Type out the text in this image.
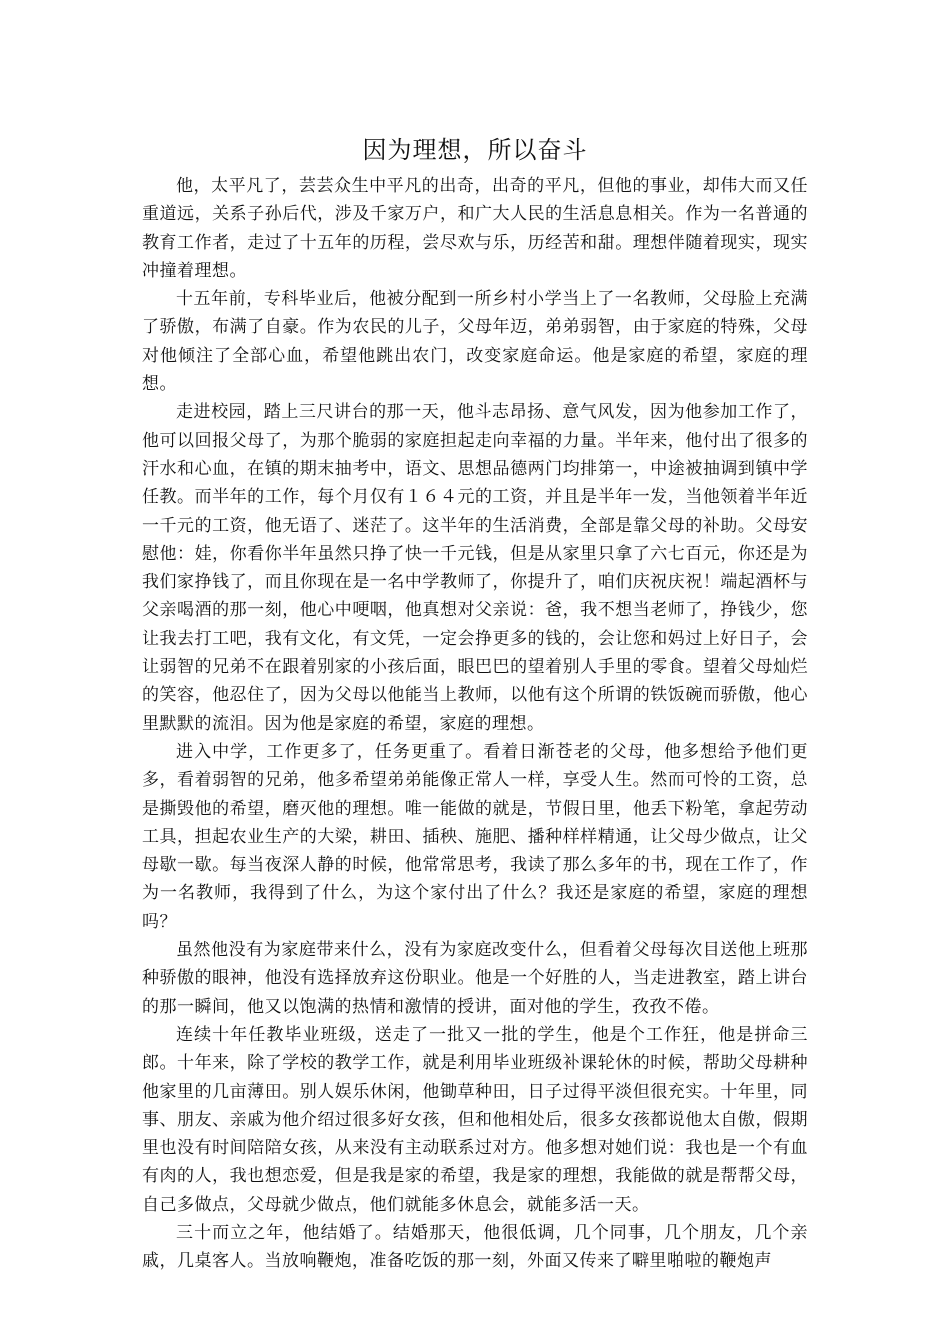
因为理想，所以奋斗

他，太平凡了，芸芸众生中平凡的出奇，出奇的平凡，但他的事业，却伟大而又任重道远，关系子孙后代，涉及千家万户，和广大人民的生活息息相关。作为一名普通的教育工作者，走过了十五年的历程，尝尽欢与乐，历经苦和甜。理想伴随着现实，现实冲撞着理想。

十五年前，专科毕业后，他被分配到一所乡村小学当上了一名教师，父母脸上充满了骄傲，布满了自豪。作为农民的儿子，父母年迈，弟弟弱智，由于家庭的特殊，父母对他倾注了全部心血，希望他跳出农门，改变家庭命运。他是家庭的希望，家庭的理想。

走进校园，踏上三尺讲台的那一天，他斗志昂扬、意气风发，因为他参加工作了，他可以回报父母了，为那个脆弱的家庭担起走向幸福的力量。半年来，他付出了很多的汗水和心血，在镇的期末抽考中，语文、思想品德两门均排第一，中途被抽调到镇中学任教。而半年的工作，每个月仅有１６４元的工资，并且是半年一发，当他领着半年近一千元的工资，他无语了、迷茫了。这半年的生活消费，全部是靠父母的补助。父母安慰他：娃，你看你半年虽然只挣了快一千元钱，但是从家里只拿了六七百元，你还是为我们家挣钱了，而且你现在是一名中学教师了，你提升了，咱们庆祝庆祝！端起酒杯与父亲喝酒的那一刻，他心中哽咽，他真想对父亲说：爸，我不想当老师了，挣钱少，您让我去打工吧，我有文化，有文凭，一定会挣更多的钱的，会让您和妈过上好日子，会让弱智的兄弟不在跟着别家的小孩后面，眼巴巴的望着别人手里的零食。望着父母灿烂的笑容，他忍住了，因为父母以他能当上教师，以他有这个所谓的铁饭碗而骄傲，他心里默默的流泪。因为他是家庭的希望，家庭的理想。

进入中学，工作更多了，任务更重了。看着日渐苍老的父母，他多想给予他们更多，看着弱智的兄弟，他多希望弟弟能像正常人一样，享受人生。然而可怜的工资，总是撕毁他的希望，磨灭他的理想。唯一能做的就是，节假日里，他丢下粉笔，拿起劳动工具，担起农业生产的大梁，耕田、插秧、施肥、播种样样精通，让父母少做点，让父母歇一歇。每当夜深人静的时候，他常常思考，我读了那么多年的书，现在工作了，作为一名教师，我得到了什么，为这个家付出了什么？我还是家庭的希望，家庭的理想吗？

虽然他没有为家庭带来什么，没有为家庭改变什么，但看着父母每次目送他上班那种骄傲的眼神，他没有选择放弃这份职业。他是一个好胜的人，当走进教室，踏上讲台的那一瞬间，他又以饱满的热情和激情的授讲，面对他的学生，孜孜不倦。

连续十年任教毕业班级，送走了一批又一批的学生，他是个工作狂，他是拼命三郎。十年来，除了学校的教学工作，就是利用毕业班级补课轮休的时候，帮助父母耕种他家里的几亩薄田。别人娱乐休闲，他锄草种田，日子过得平淡但很充实。十年里，同事、朋友、亲戚为他介绍过很多好女孩，但和他相处后，很多女孩都说他太自傲，假期里也没有时间陪陪女孩，从来没有主动联系过对方。他多想对她们说：我也是一个有血有肉的人，我也想恋爱，但是我是家的希望，我是家的理想，我能做的就是帮帮父母，自己多做点，父母就少做点，他们就能多休息会，就能多活一天。

三十而立之年，他结婚了。结婚那天，他很低调，几个同事，几个朋友，几个亲戚，几桌客人。当放响鞭炮，准备吃饭的那一刻，外面又传来了噼里啪啦的鞭炮声
